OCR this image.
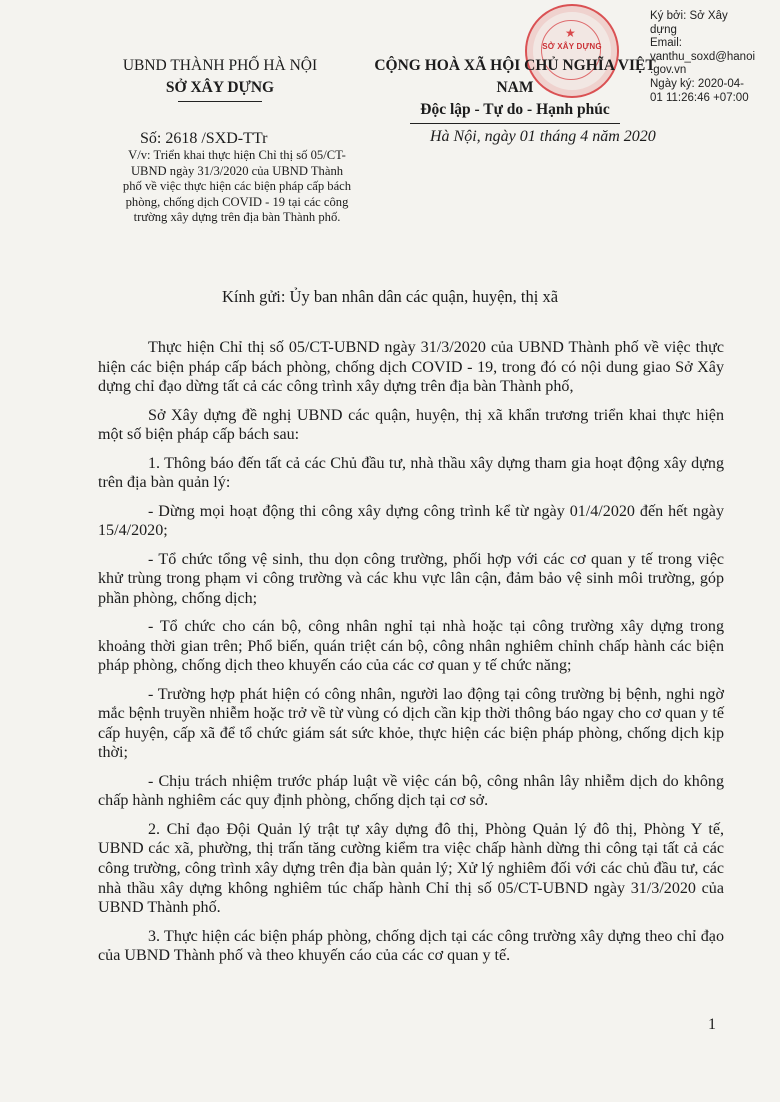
★
SỞ XÂY DỰNG
UBND THÀNH PHỐ HÀ NỘI
SỞ XÂY DỰNG
CỘNG HOÀ XÃ HỘI CHỦ NGHĨA VIỆT NAM
Độc lập - Tự do - Hạnh phúc
Ký bởi: Sở Xây
dựng
Email:
vanthu_soxd@hanoi
.gov.vn
Ngày ký: 2020-04-
01 11:26:46 +07:00
Số: 2618 /SXD-TTr	Hà Nội, ngày 01 tháng 4 năm 2020
V/v: Triển khai thực hiện Chỉ thị số 05/CT-UBND ngày 31/3/2020 của UBND Thành phố về việc thực hiện các biện pháp cấp bách phòng, chống dịch COVID - 19 tại các công trường xây dựng trên địa bàn Thành phố.
Kính gửi: Ủy ban nhân dân các quận, huyện, thị xã

Thực hiện Chỉ thị số 05/CT-UBND ngày 31/3/2020 của UBND Thành phố về việc thực hiện các biện pháp cấp bách phòng, chống dịch COVID - 19, trong đó có nội dung giao Sở Xây dựng chỉ đạo dừng tất cả các công trình xây dựng trên địa bàn Thành phố,

Sở Xây dựng đề nghị UBND các quận, huyện, thị xã khẩn trương triển khai thực hiện một số biện pháp cấp bách sau:

1. Thông báo đến tất cả các Chủ đầu tư, nhà thầu xây dựng tham gia hoạt động xây dựng trên địa bàn quản lý:

- Dừng mọi hoạt động thi công xây dựng công trình kể từ ngày 01/4/2020 đến hết ngày 15/4/2020;

- Tổ chức tổng vệ sinh, thu dọn công trường, phối hợp với các cơ quan y tế trong việc khử trùng trong phạm vi công trường và các khu vực lân cận, đảm bảo vệ sinh môi trường, góp phần phòng, chống dịch;

- Tổ chức cho cán bộ, công nhân nghỉ tại nhà hoặc tại công trường xây dựng trong khoảng thời gian trên; Phổ biến, quán triệt cán bộ, công nhân nghiêm chỉnh chấp hành các biện pháp phòng, chống dịch theo khuyến cáo của các cơ quan y tế chức năng;

- Trường hợp phát hiện có công nhân, người lao động tại công trường bị bệnh, nghi ngờ mắc bệnh truyền nhiễm hoặc trở về từ vùng có dịch cần kịp thời thông báo ngay cho cơ quan y tế cấp huyện, cấp xã để tổ chức giám sát sức khỏe, thực hiện các biện pháp phòng, chống dịch kịp thời;

- Chịu trách nhiệm trước pháp luật về việc cán bộ, công nhân lây nhiễm dịch do không chấp hành nghiêm các quy định phòng, chống dịch tại cơ sở.

2. Chỉ đạo Đội Quản lý trật tự xây dựng đô thị, Phòng Quản lý đô thị, Phòng Y tế, UBND các xã, phường, thị trấn tăng cường kiểm tra việc chấp hành dừng thi công tại tất cả các công trường, công trình xây dựng trên địa bàn quản lý; Xử lý nghiêm đối với các chủ đầu tư, các nhà thầu xây dựng không nghiêm túc chấp hành Chỉ thị số 05/CT-UBND ngày 31/3/2020 của UBND Thành phố.

3. Thực hiện các biện pháp phòng, chống dịch tại các công trường xây dựng theo chỉ đạo của UBND Thành phố và theo khuyến cáo của các cơ quan y tế.

1
